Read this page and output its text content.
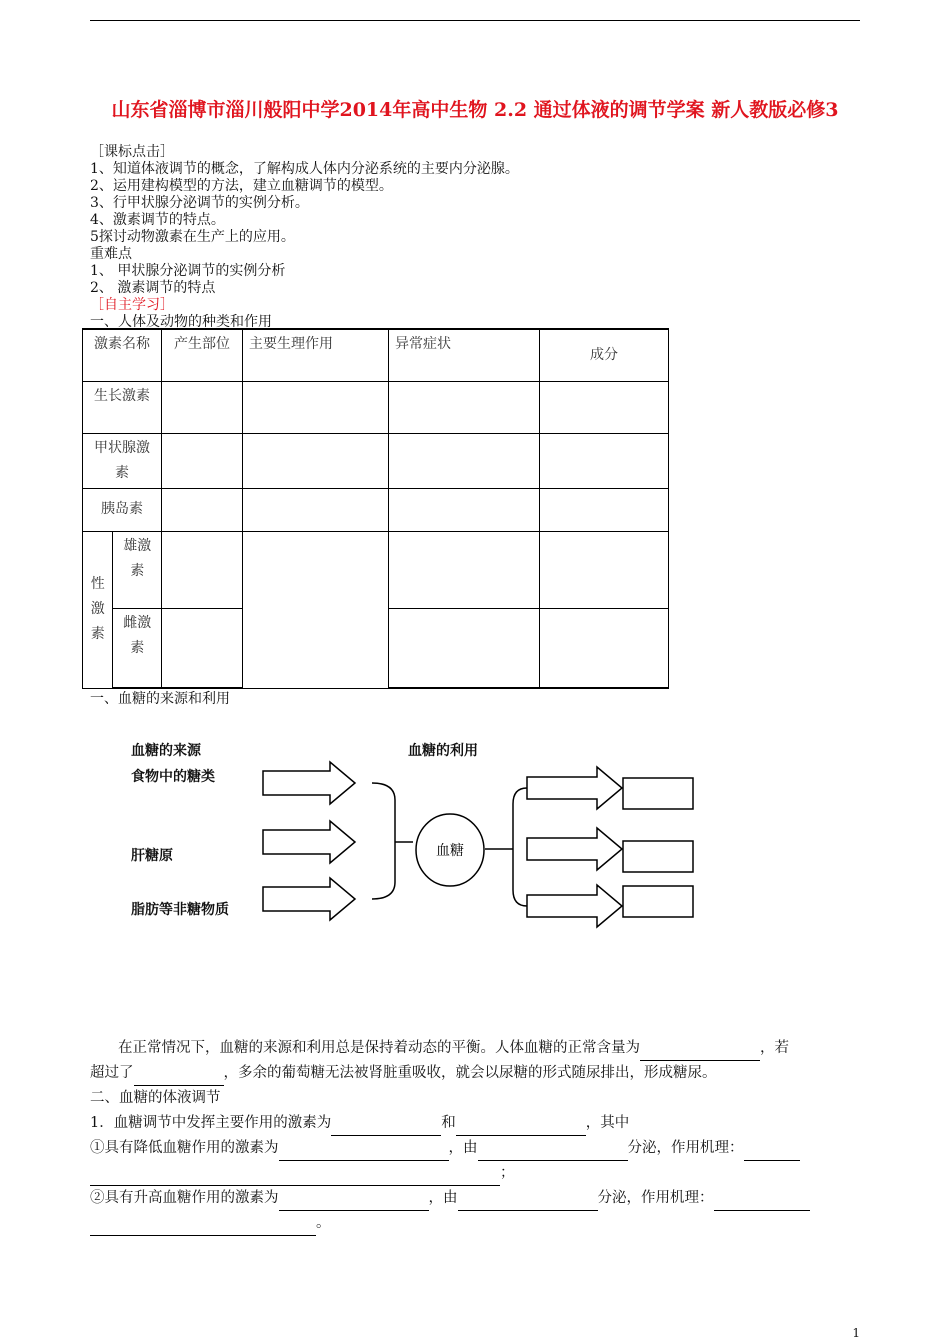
山东省淄博市淄川般阳中学2014年高中生物 2.2 通过体液的调节学案 新人教版必修3
［课标点击］
1、知道体液调节的概念，了解构成人体内分泌系统的主要内分泌腺。
2、运用建构模型的方法，建立血糖调节的模型。
3、行甲状腺分泌调节的实例分析。
4、激素调节的特点。
5探讨动物激素在生产上的应用。
重难点
1、 甲状腺分泌调节的实例分析
2、 激素调节的特点
［自主学习］
一、人体及动物的种类和作用
激素名称		产生部位	主要生理作用	异常症状	成分
生长激素					
甲状腺激素					
胰岛素					
性激素	雄激素				
	雌激素				
一、血糖的来源和利用
血糖的来源	血糖的利用
食物中的糖类
肝糖原
脂肪等非糖物质
血糖

在正常情况下，血糖的来源和利用总是保持着动态的平衡。人体血糖的正常含量为	，若

超过了	，多余的葡萄糖无法被肾脏重吸收，就会以尿糖的形式随尿排出，形成糖尿。

二、血糖的体液调节

1．血糖调节中发挥主要作用的激素为	和	，其中

①具有降低血糖作用的激素为	，由	分泌，作用机理：

；

②具有升高血糖作用的激素为	，由	分泌，作用机理：

。

1
